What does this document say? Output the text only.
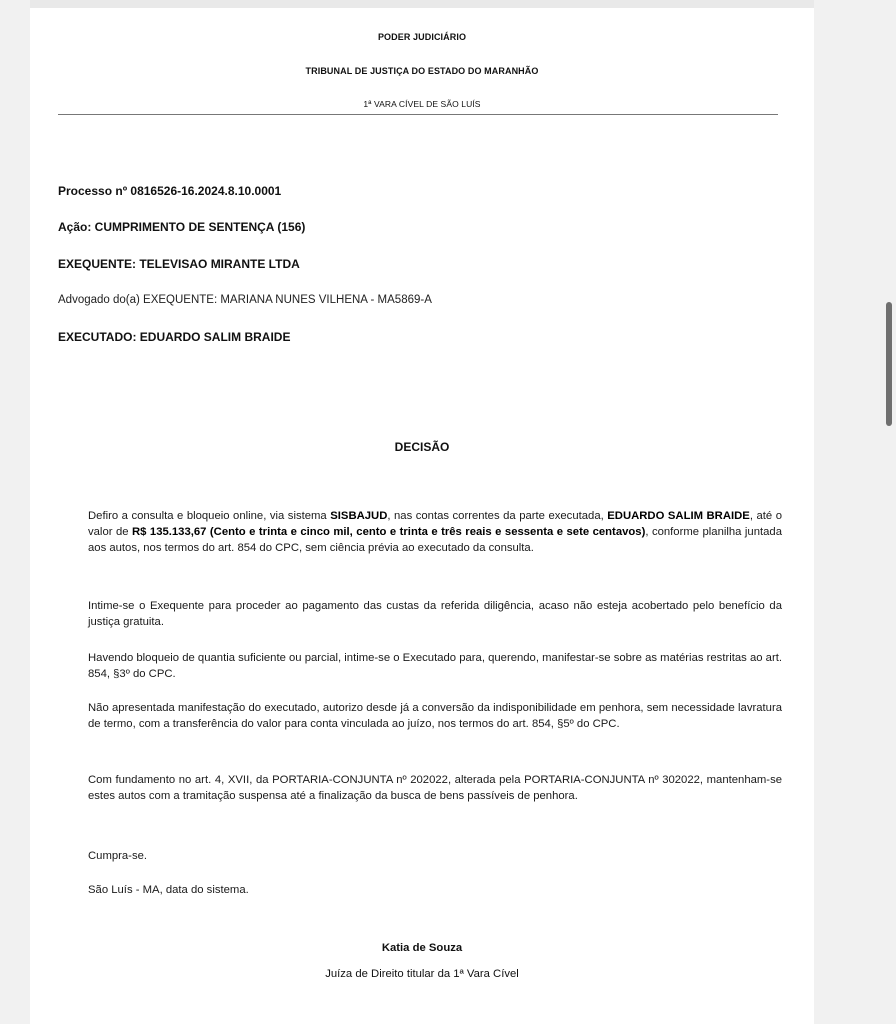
PODER JUDICIÁRIO
TRIBUNAL DE JUSTIÇA DO ESTADO DO MARANHÃO
1ª VARA CÍVEL DE SÃO LUÍS
Processo nº 0816526-16.2024.8.10.0001
Ação: CUMPRIMENTO DE SENTENÇA (156)
EXEQUENTE: TELEVISAO MIRANTE LTDA
Advogado do(a) EXEQUENTE: MARIANA NUNES VILHENA - MA5869-A
EXECUTADO: EDUARDO SALIM BRAIDE
DECISÃO
Defiro a consulta e bloqueio online, via sistema SISBAJUD, nas contas correntes da parte executada, EDUARDO SALIM BRAIDE, até o valor de R$ 135.133,67 (Cento e trinta e cinco mil, cento e trinta e três reais e sessenta e sete centavos), conforme planilha juntada aos autos, nos termos do art. 854 do CPC, sem ciência prévia ao executado da consulta.
Intime-se o Exequente para proceder ao pagamento das custas da referida diligência, acaso não esteja acobertado pelo benefício da justiça gratuita.
Havendo bloqueio de quantia suficiente ou parcial, intime-se o Executado para, querendo, manifestar-se sobre as matérias restritas ao art. 854, §3º do CPC.
Não apresentada manifestação do executado, autorizo desde já a conversão da indisponibilidade em penhora, sem necessidade lavratura de termo, com a transferência do valor para conta vinculada ao juízo, nos termos do art. 854, §5º do CPC.
Com fundamento no art. 4, XVII, da PORTARIA-CONJUNTA nº 202022, alterada pela PORTARIA-CONJUNTA nº 302022, mantenham-se estes autos com a tramitação suspensa até a finalização da busca de bens passíveis de penhora.
Cumpra-se.
São Luís - MA, data do sistema.
Katia de Souza
Juíza de Direito titular da 1ª Vara Cível
